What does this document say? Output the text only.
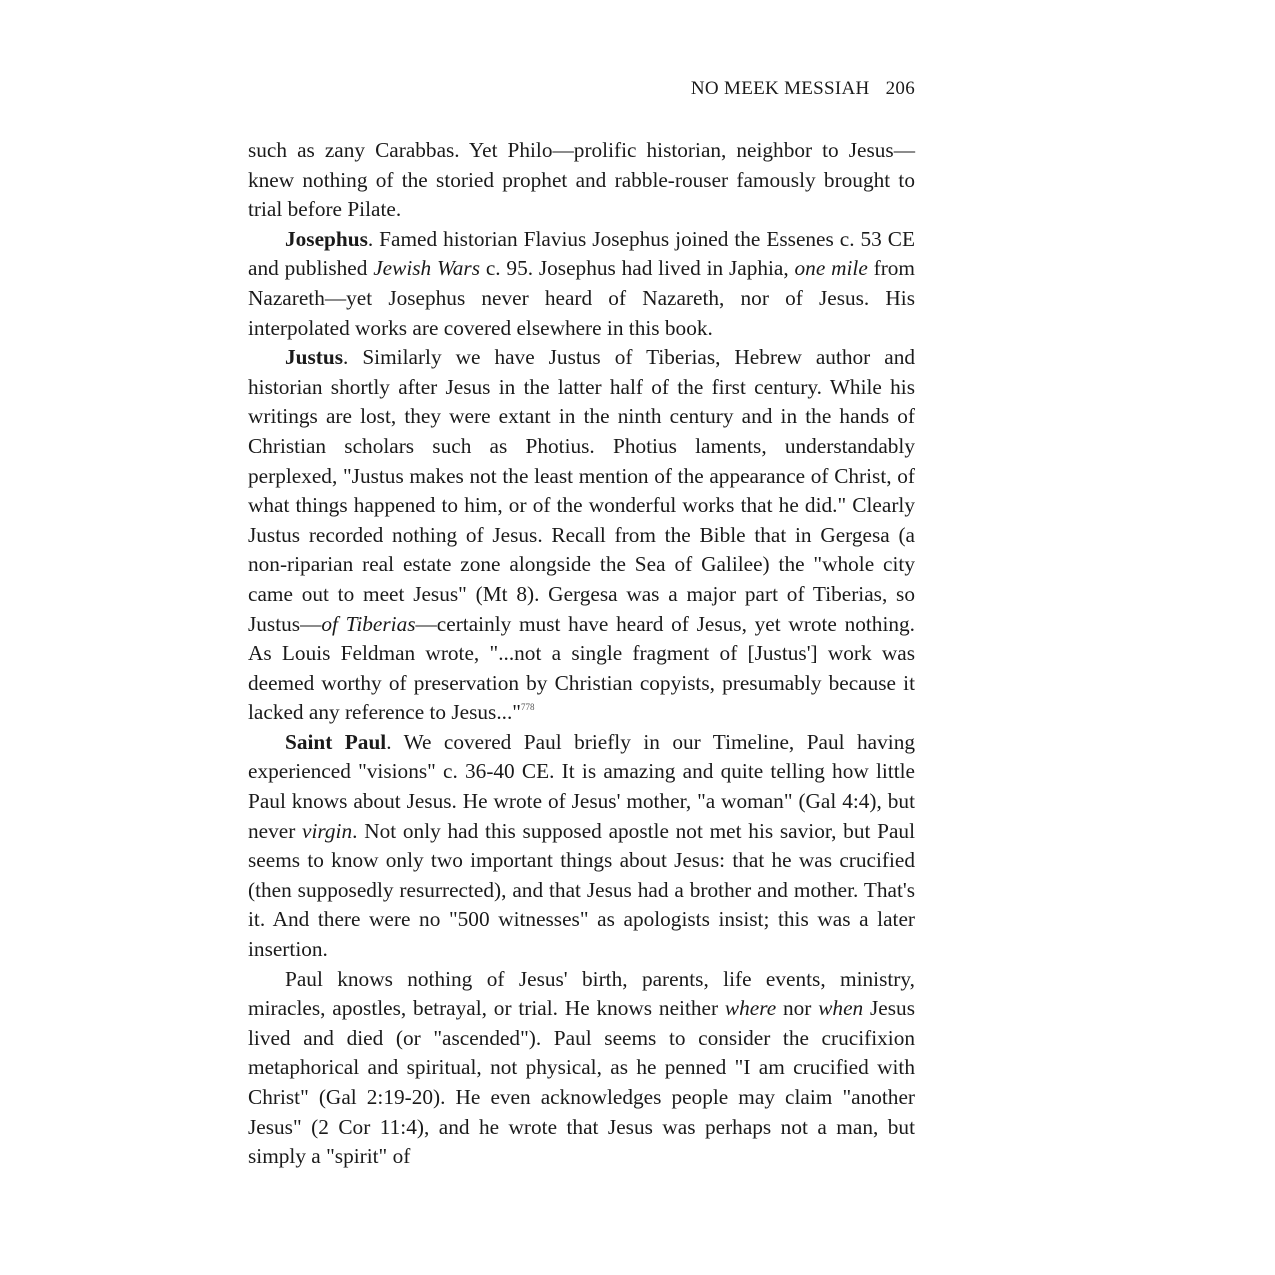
NO MEEK MESSIAH 206

such as zany Carabbas. Yet Philo—prolific historian, neighbor to Jesus—knew nothing of the storied prophet and rabble-rouser famously brought to trial before Pilate.

Josephus. Famed historian Flavius Josephus joined the Essenes c. 53 CE and published Jewish Wars c. 95. Josephus had lived in Japhia, one mile from Nazareth—yet Josephus never heard of Nazareth, nor of Jesus. His interpolated works are covered elsewhere in this book.

Justus. Similarly we have Justus of Tiberias, Hebrew author and historian shortly after Jesus in the latter half of the first century. While his writings are lost, they were extant in the ninth century and in the hands of Christian scholars such as Photius. Photius laments, understandably perplexed, "Justus makes not the least mention of the appearance of Christ, of what things happened to him, or of the wonderful works that he did." Clearly Justus recorded nothing of Jesus. Recall from the Bible that in Gergesa (a non-riparian real estate zone alongside the Sea of Galilee) the "whole city came out to meet Jesus" (Mt 8). Gergesa was a major part of Tiberias, so Justus—of Tiberias—certainly must have heard of Jesus, yet wrote nothing. As Louis Feldman wrote, "...not a single fragment of [Justus'] work was deemed worthy of preservation by Christian copyists, presumably because it lacked any reference to Jesus..."$^{778}$

Saint Paul. We covered Paul briefly in our Timeline, Paul having experienced "visions" c. 36-40 CE. It is amazing and quite telling how little Paul knows about Jesus. He wrote of Jesus' mother, "a woman" (Gal 4:4), but never virgin. Not only had this supposed apostle not met his savior, but Paul seems to know only two important things about Jesus: that he was crucified (then supposedly resurrected), and that Jesus had a brother and mother. That's it. And there were no "500 witnesses" as apologists insist; this was a later insertion.

Paul knows nothing of Jesus' birth, parents, life events, ministry, miracles, apostles, betrayal, or trial. He knows neither where nor when Jesus lived and died (or "ascended"). Paul seems to consider the crucifixion metaphorical and spiritual, not physical, as he penned "I am crucified with Christ" (Gal 2:19-20). He even acknowledges people may claim "another Jesus" (2 Cor 11:4), and he wrote that Jesus was perhaps not a man, but simply a "spirit" of
